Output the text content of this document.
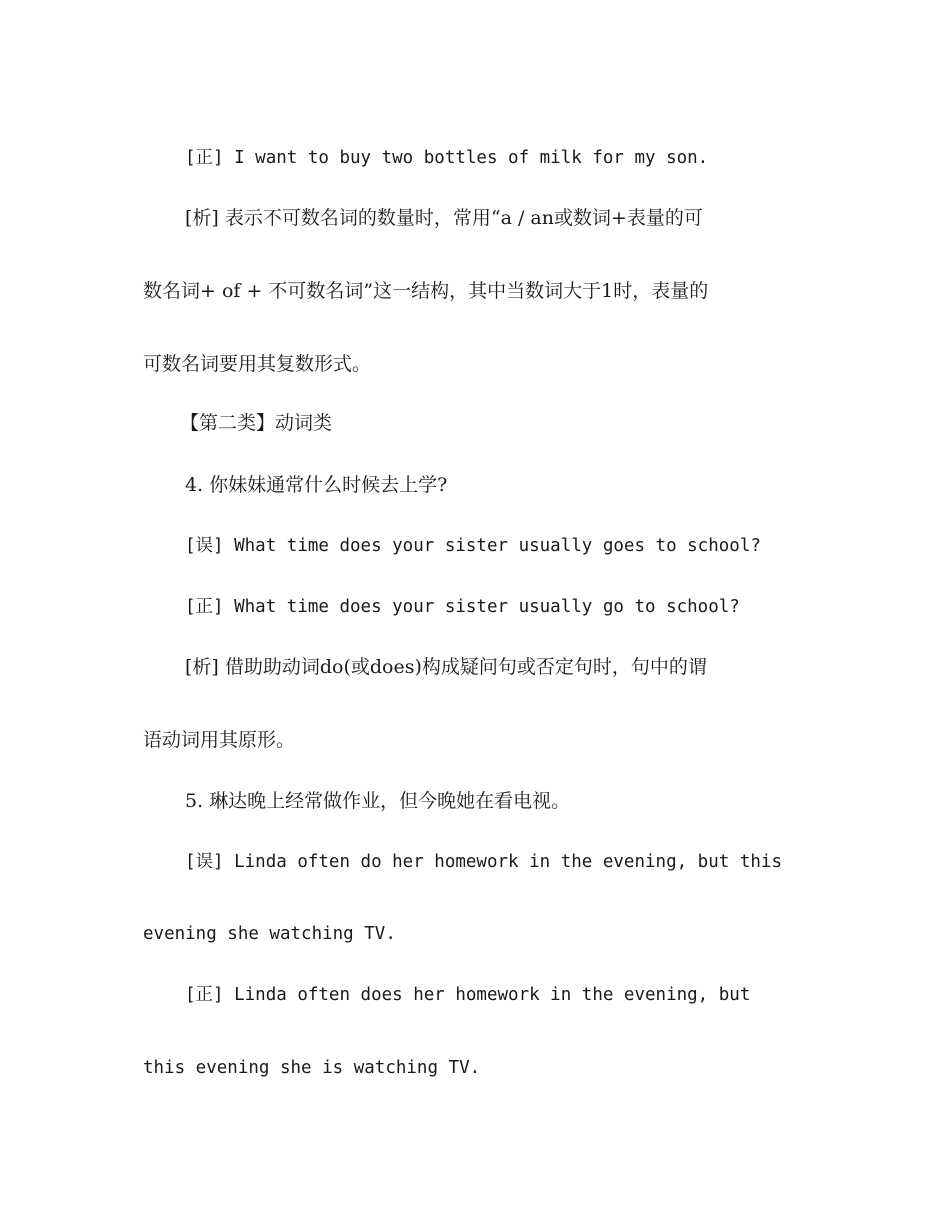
[正] I want to buy two bottles of milk for my son.
[析] 表示不可数名词的数量时，常用“a / an或数词+表量的可
数名词+ of + 不可数名词”这一结构，其中当数词大于1时，表量的
可数名词要用其复数形式。
【第二类】动词类
4. 你妹妹通常什么时候去上学?
[误] What time does your sister usually goes to school?
[正] What time does your sister usually go to school?
[析] 借助助动词do(或does)构成疑问句或否定句时，句中的谓
语动词用其原形。
5. 琳达晚上经常做作业，但今晚她在看电视。
[误] Linda often do her homework in the evening, but this
evening she watching TV.
[正] Linda often does her homework in the evening, but
this evening she is watching TV.
